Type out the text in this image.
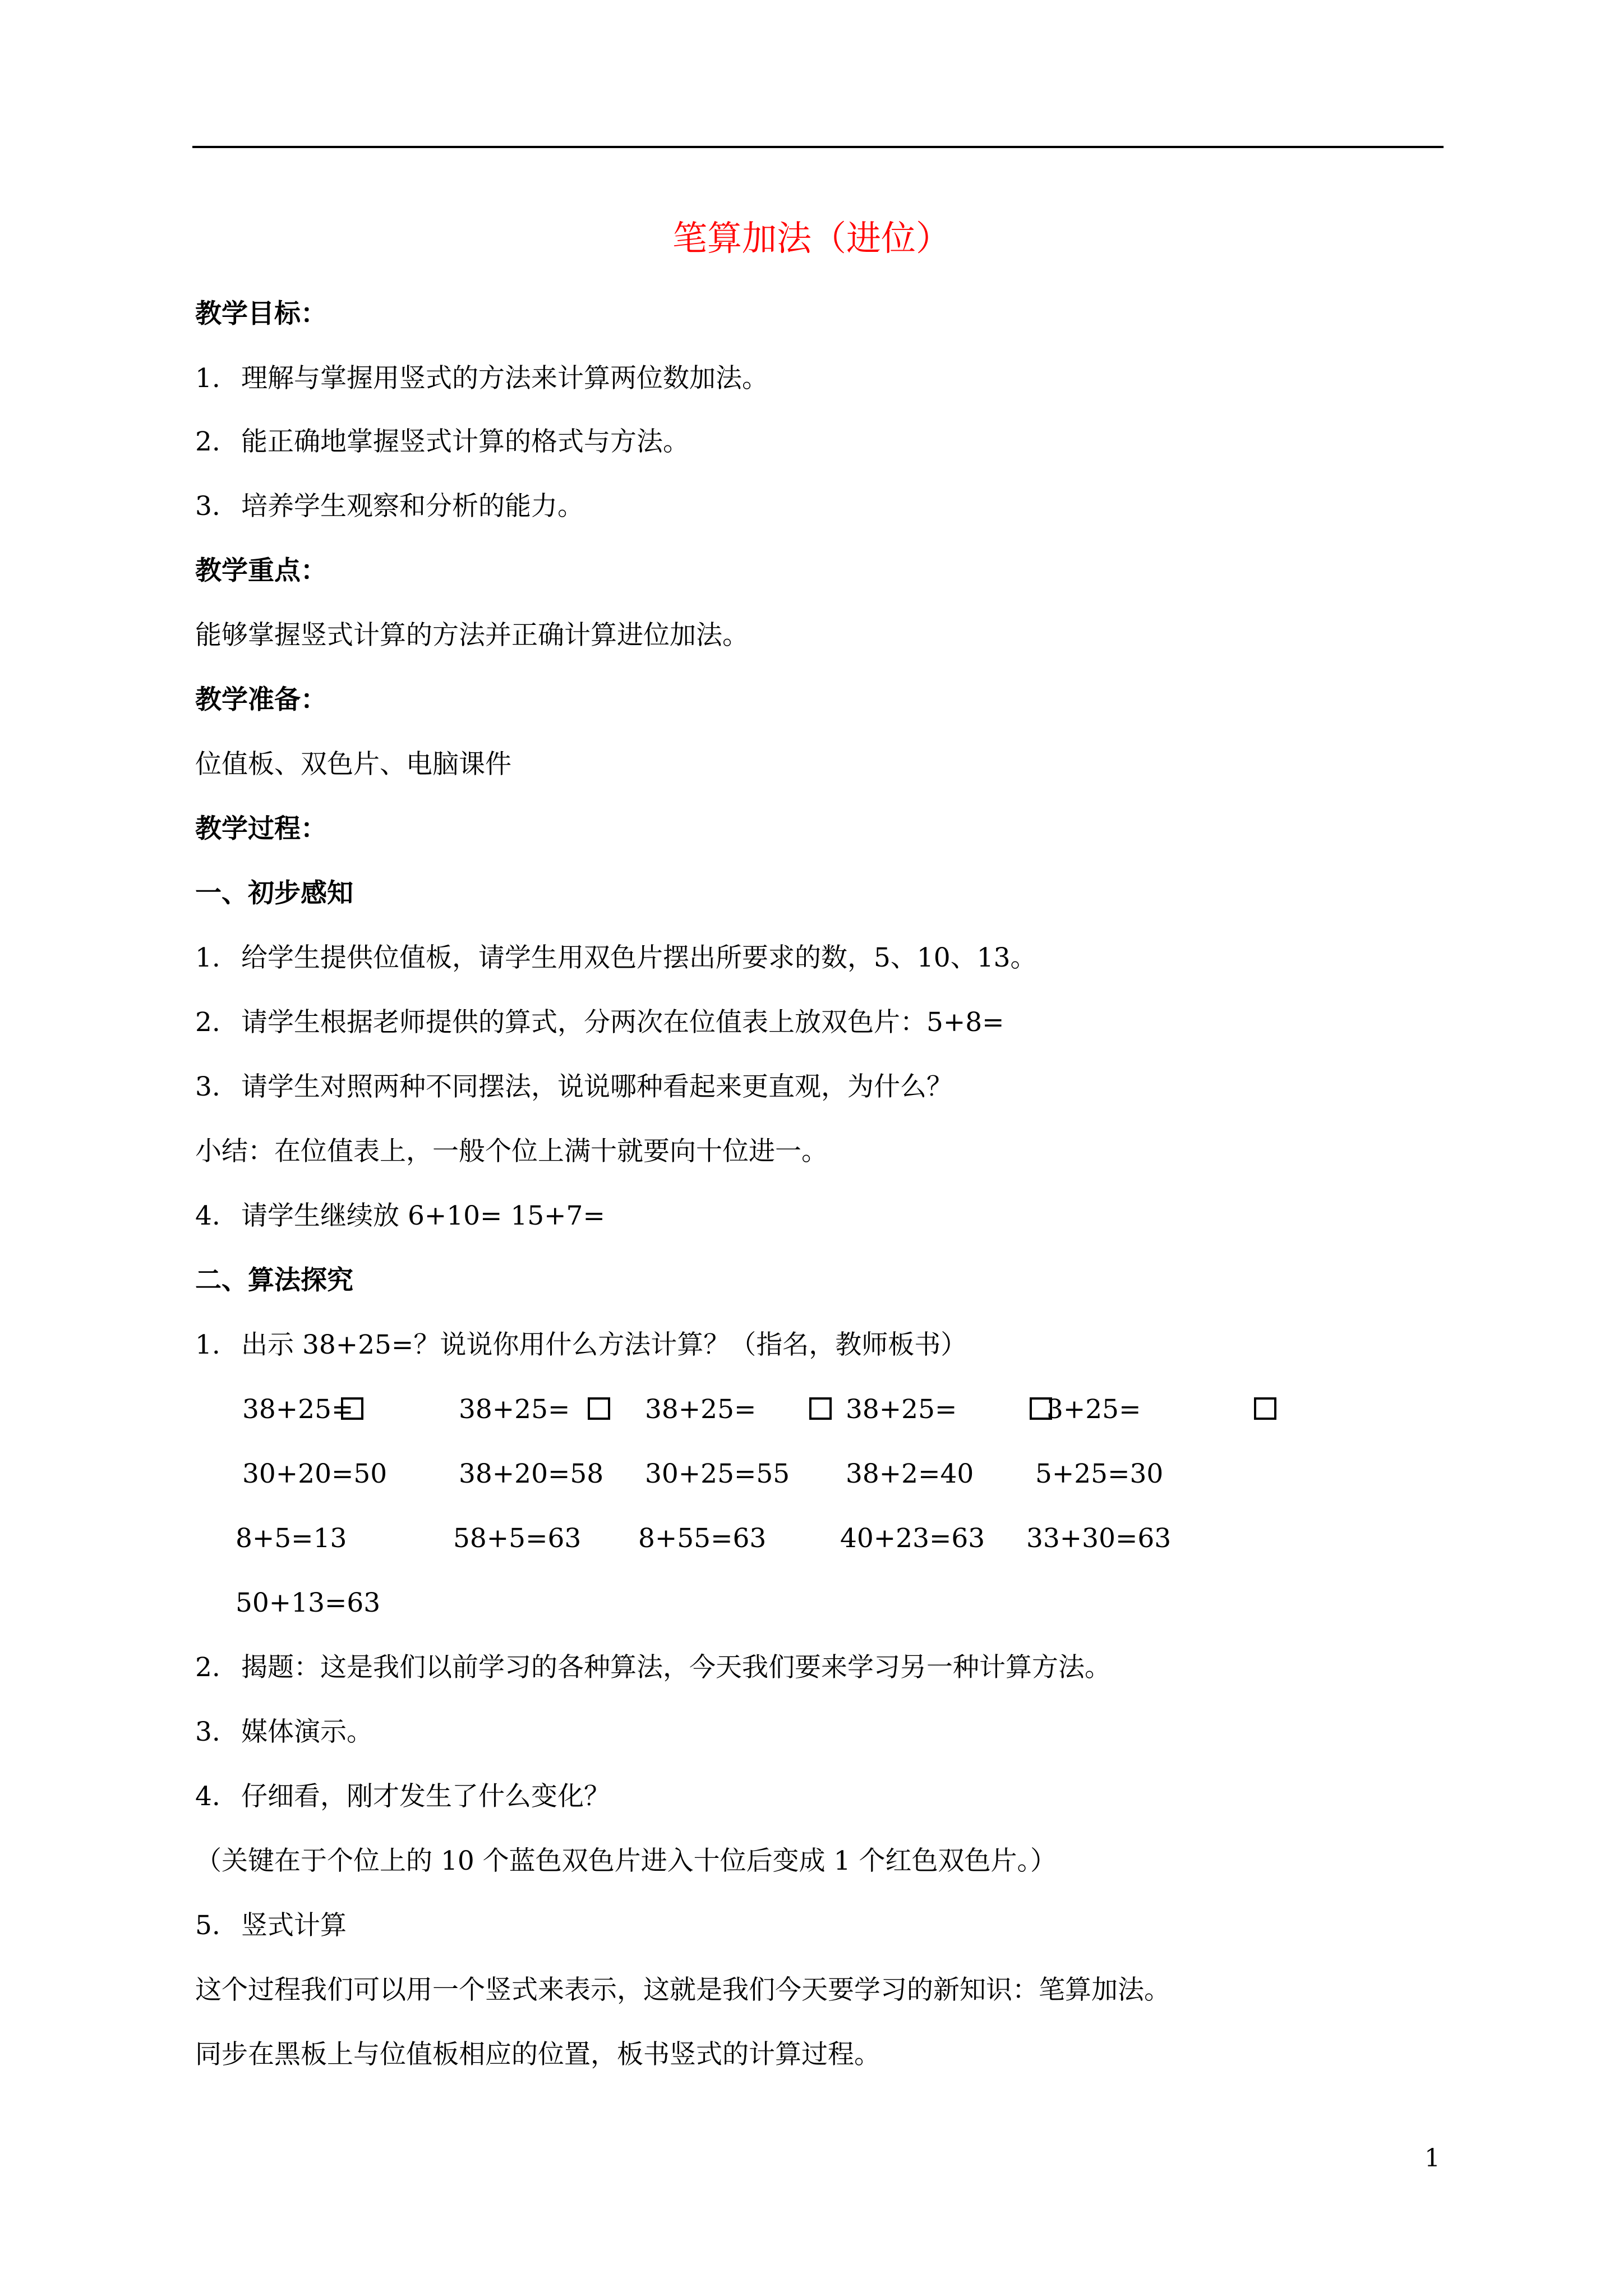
笔算加法（进位）
教学目标：
1. 理解与掌握用竖式的方法来计算两位数加法。
2. 能正确地掌握竖式计算的格式与方法。
3. 培养学生观察和分析的能力。
教学重点：
能够掌握竖式计算的方法并正确计算进位加法。
教学准备：
位值板、双色片、电脑课件
教学过程：
一、初步感知
1. 给学生提供位值板，请学生用双色片摆出所要求的数，5、10、13。
2. 请学生根据老师提供的算式，分两次在位值表上放双色片：5+8=
3. 请学生对照两种不同摆法，说说哪种看起来更直观，为什么？
小结：在位值表上，一般个位上满十就要向十位进一。
4. 请学生继续放 6+10= 15+7=
二、算法探究
1. 出示 38+25=？说说你用什么方法计算？（指名，教师板书）
38+25=	38+25=	38+25=	38+25=	3+25=
30+20=50	38+20=58 30+25=55 38+2=40 5+25=30
8+5=13	58+5=63 8+55=63	40+23=63 33+30=63
50+13=63
2. 揭题：这是我们以前学习的各种算法，今天我们要来学习另一种计算方法。
3. 媒体演示。
4. 仔细看，刚才发生了什么变化？
（关键在于个位上的 10 个蓝色双色片进入十位后变成 1 个红色双色片。）
5. 竖式计算
这个过程我们可以用一个竖式来表示，这就是我们今天要学习的新知识：笔算加法。
同步在黑板上与位值板相应的位置，板书竖式的计算过程。
1
